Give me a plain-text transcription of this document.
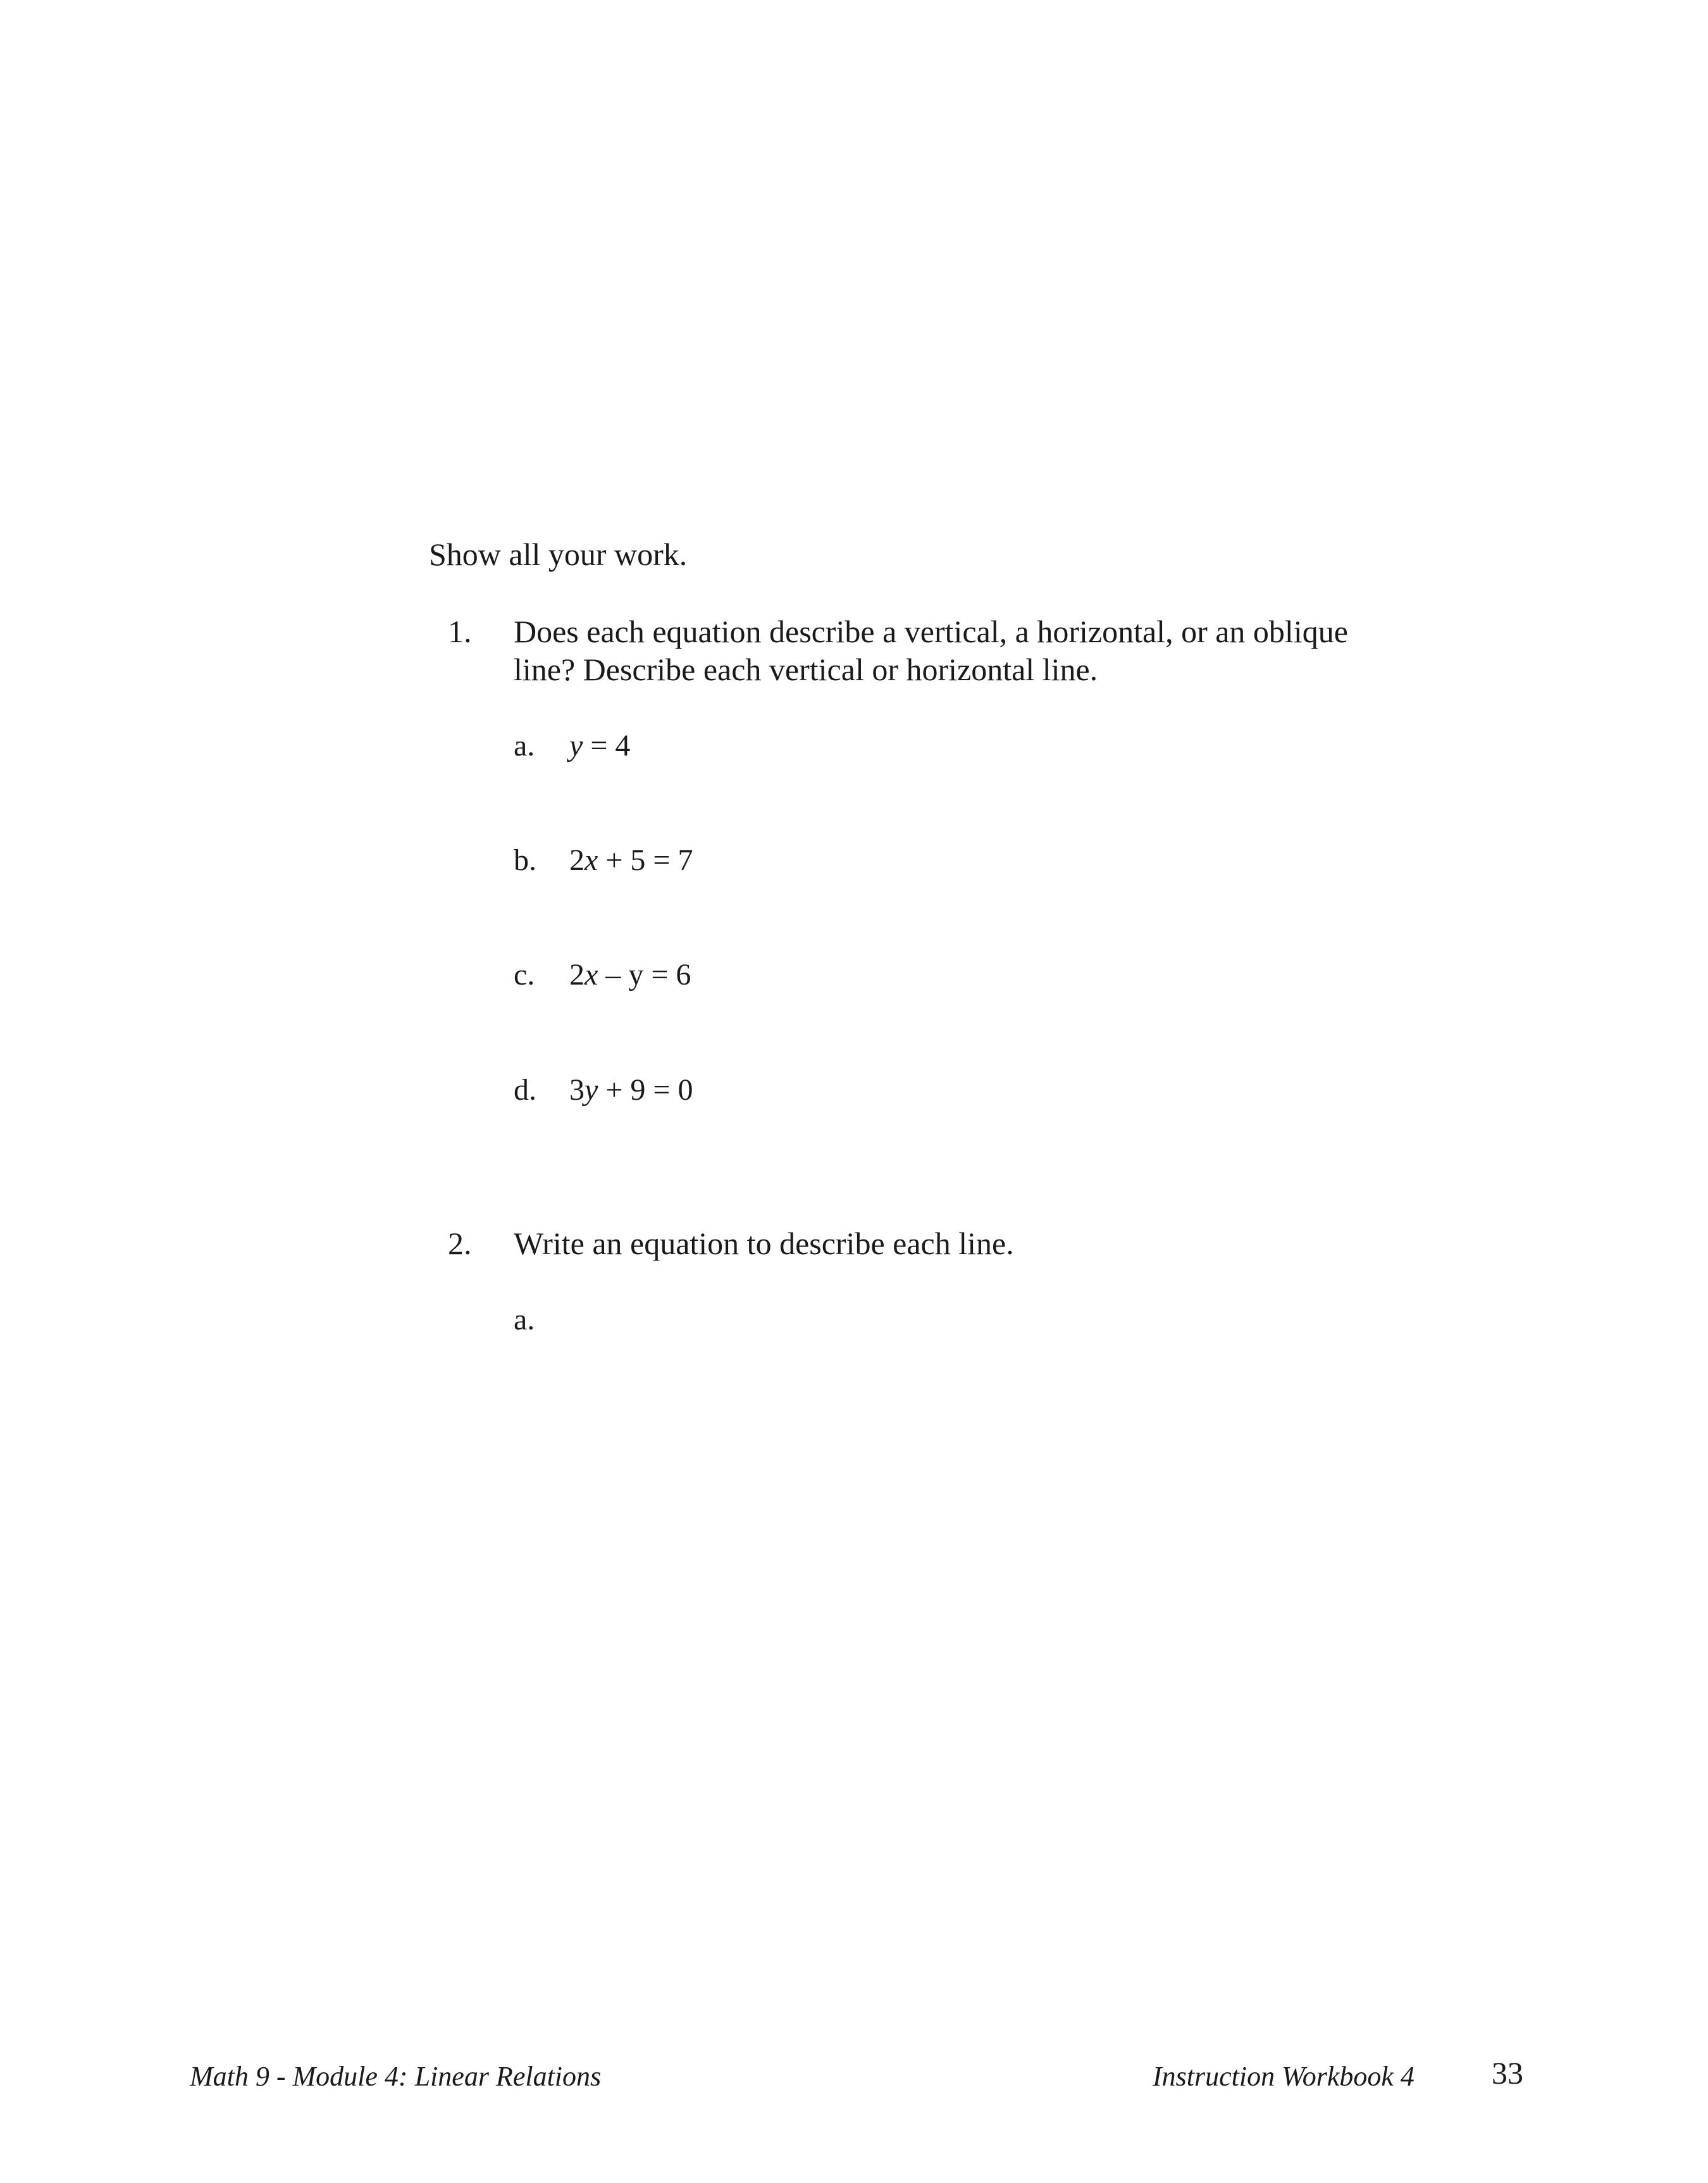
Show all your work.
1. Does each equation describe a vertical, a horizontal, or an oblique
line? Describe each vertical or horizontal line.
a. y = 4
b. 2x + 5 = 7
c. 2x – y = 6
d. 3y + 9 = 0
2. Write an equation to describe each line.
a.
Math 9 - Module 4: Linear Relations	Instruction Workbook 4 33
